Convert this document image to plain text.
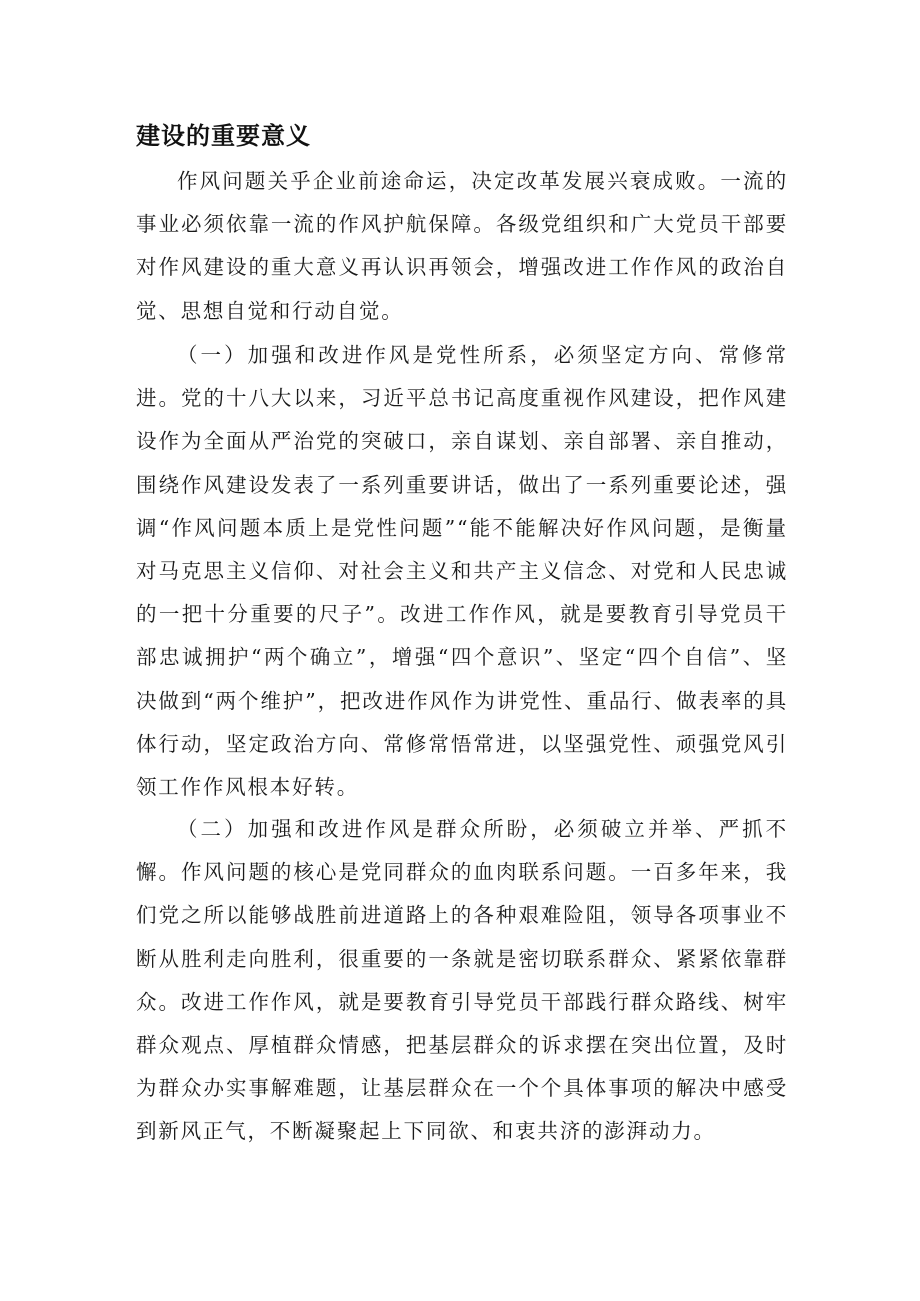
建设的重要意义

作风问题关乎企业前途命运，决定改革发展兴衰成败。一流的事业必须依靠一流的作风护航保障。各级党组织和广大党员干部要对作风建设的重大意义再认识再领会，增强改进工作作风的政治自觉、思想自觉和行动自觉。

（一）加强和改进作风是党性所系，必须坚定方向、常修常进。党的十八大以来，习近平总书记高度重视作风建设，把作风建设作为全面从严治党的突破口，亲自谋划、亲自部署、亲自推动，围绕作风建设发表了一系列重要讲话，做出了一系列重要论述，强调“作风问题本质上是党性问题”“能不能解决好作风问题，是衡量对马克思主义信仰、对社会主义和共产主义信念、对党和人民忠诚的一把十分重要的尺子”。改进工作作风，就是要教育引导党员干部忠诚拥护“两个确立”，增强“四个意识”、坚定“四个自信”、坚决做到“两个维护”，把改进作风作为讲党性、重品行、做表率的具体行动，坚定政治方向、常修常悟常进，以坚强党性、顽强党风引领工作作风根本好转。

（二）加强和改进作风是群众所盼，必须破立并举、严抓不懈。作风问题的核心是党同群众的血肉联系问题。一百多年来，我们党之所以能够战胜前进道路上的各种艰难险阻，领导各项事业不断从胜利走向胜利，很重要的一条就是密切联系群众、紧紧依靠群众。改进工作作风，就是要教育引导党员干部践行群众路线、树牢群众观点、厚植群众情感，把基层群众的诉求摆在突出位置，及时为群众办实事解难题，让基层群众在一个个具体事项的解决中感受到新风正气，不断凝聚起上下同欲、和衷共济的澎湃动力。
